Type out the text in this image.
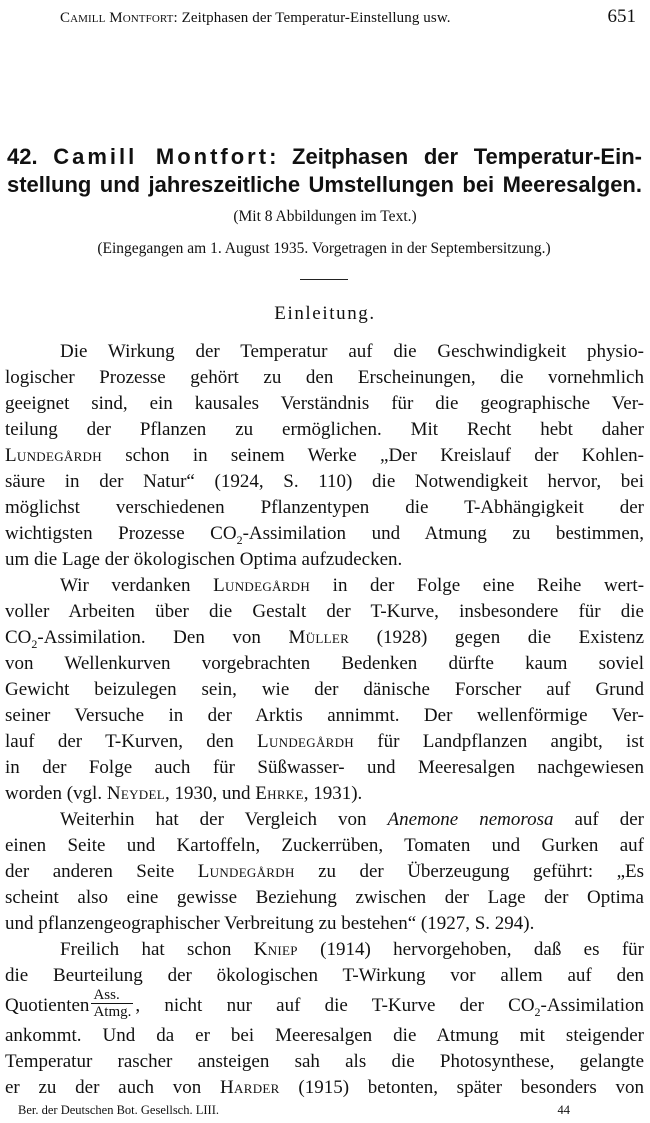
Camill Montfort: Zeitphasen der Temperatur-Einstellung usw.	651
42. Camill Montfort: Zeitphasen der Temperatur-Ein-
stellung und jahreszeitliche Umstellungen bei Meeresalgen.
(Mit 8 Abbildungen im Text.)
(Eingegangen am 1. August 1935. Vorgetragen in der Septembersitzung.)
Einleitung.
Die Wirkung der Temperatur auf die Geschwindigkeit physio-
logischer Prozesse gehört zu den Erscheinungen, die vornehmlich
geeignet sind, ein kausales Verständnis für die geographische Ver-
teilung der Pflanzen zu ermöglichen. Mit Recht hebt daher
Lundegårdh schon in seinem Werke „Der Kreislauf der Kohlen-
säure in der Natur“ (1924, S. 110) die Notwendigkeit hervor, bei
möglichst verschiedenen Pflanzentypen die T-Abhängigkeit der
wichtigsten Prozesse $CO_2$-Assimilation und Atmung zu bestimmen,
um die Lage der ökologischen Optima aufzudecken.
Wir verdanken Lundegårdh in der Folge eine Reihe wert-
voller Arbeiten über die Gestalt der T-Kurve, insbesondere für die
$CO_2$-Assimilation. Den von Müller (1928) gegen die Existenz
von Wellenkurven vorgebrachten Bedenken dürfte kaum soviel
Gewicht beizulegen sein, wie der dänische Forscher auf Grund
seiner Versuche in der Arktis annimmt. Der wellenförmige Ver-
lauf der T-Kurven, den Lundegårdh für Landpflanzen angibt, ist
in der Folge auch für Süßwasser- und Meeresalgen nachgewiesen
worden (vgl. Neydel, 1930, und Ehrke, 1931).
Weiterhin hat der Vergleich von Anemone nemorosa auf der
einen Seite und Kartoffeln, Zuckerrüben, Tomaten und Gurken auf
der anderen Seite Lundegårdh zu der Überzeugung geführt: „Es
scheint also eine gewisse Beziehung zwischen der Lage der Optima
und pflanzengeographischer Verbreitung zu bestehen“ (1927, S. 294).
Freilich hat schon Kniep (1914) hervorgehoben, daß es für
die Beurteilung der ökologischen T-Wirkung vor allem auf den
Quotienten $\frac{\text{Ass.}}{\text{Atmg.}}$ , nicht nur auf die T-Kurve der $CO_2$-Assimilation
ankommt. Und da er bei Meeresalgen die Atmung mit steigender
Temperatur rascher ansteigen sah als die Photosynthese, gelangte
er zu der auch von Harder (1915) betonten, später besonders von
Ber. der Deutschen Bot. Gesellsch. LIII.	44
